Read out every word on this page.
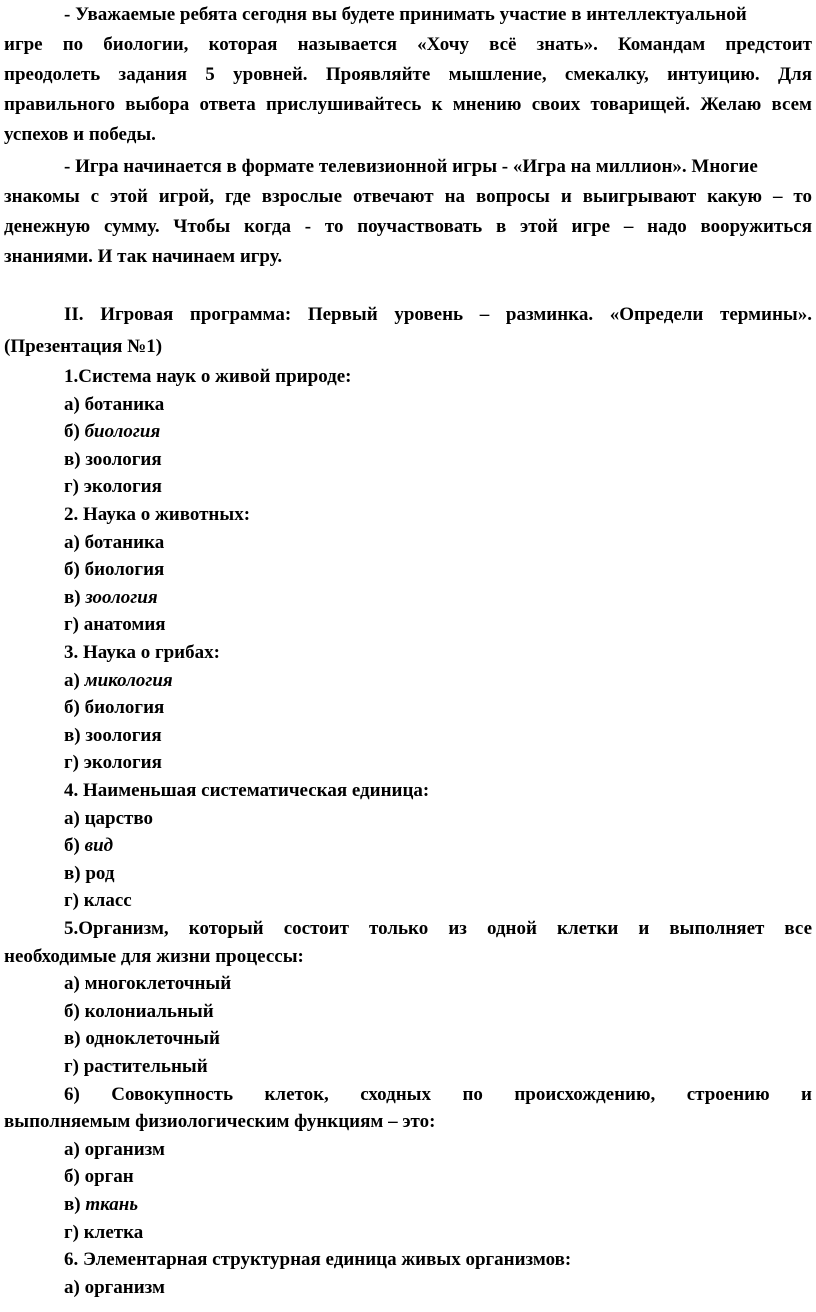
- Уважаемые ребята сегодня вы будете принимать участие в интеллектуальной
игре по биологии, которая называется «Хочу всё знать». Командам предстоит
преодолеть задания 5 уровней. Проявляйте мышление, смекалку, интуицию. Для
правильного выбора ответа прислушивайтесь к мнению своих товарищей. Желаю всем
успехов и победы.
- Игра начинается в формате телевизионной игры - «Игра на миллион». Многие
знакомы с этой игрой, где взрослые отвечают на вопросы и выигрывают какую – то
денежную сумму. Чтобы когда - то поучаствовать в этой игре – надо вооружиться
знаниями. И так начинаем игру.
II. Игровая программа: Первый уровень – разминка. «Определи термины».
(Презентация №1)
1.Система наук о живой природе:
а) ботаника
б) биология
в) зоология
г) экология
2. Наука о животных:
а) ботаника
б) биология
в) зоология
г) анатомия
3. Наука о грибах:
а) микология
б) биология
в) зоология
г) экология
4. Наименьшая систематическая единица:
а) царство
б) вид
в) род
г) класс
5.Организм, который состоит только из одной клетки и выполняет все
необходимые для жизни процессы:
а) многоклеточный
б) колониальный
в) одноклеточный
г) растительный
6) Совокупность клеток, сходных по происхождению, строению и
выполняемым физиологическим функциям – это:
а) организм
б) орган
в) ткань
г) клетка
6. Элементарная структурная единица живых организмов:
а) организм
